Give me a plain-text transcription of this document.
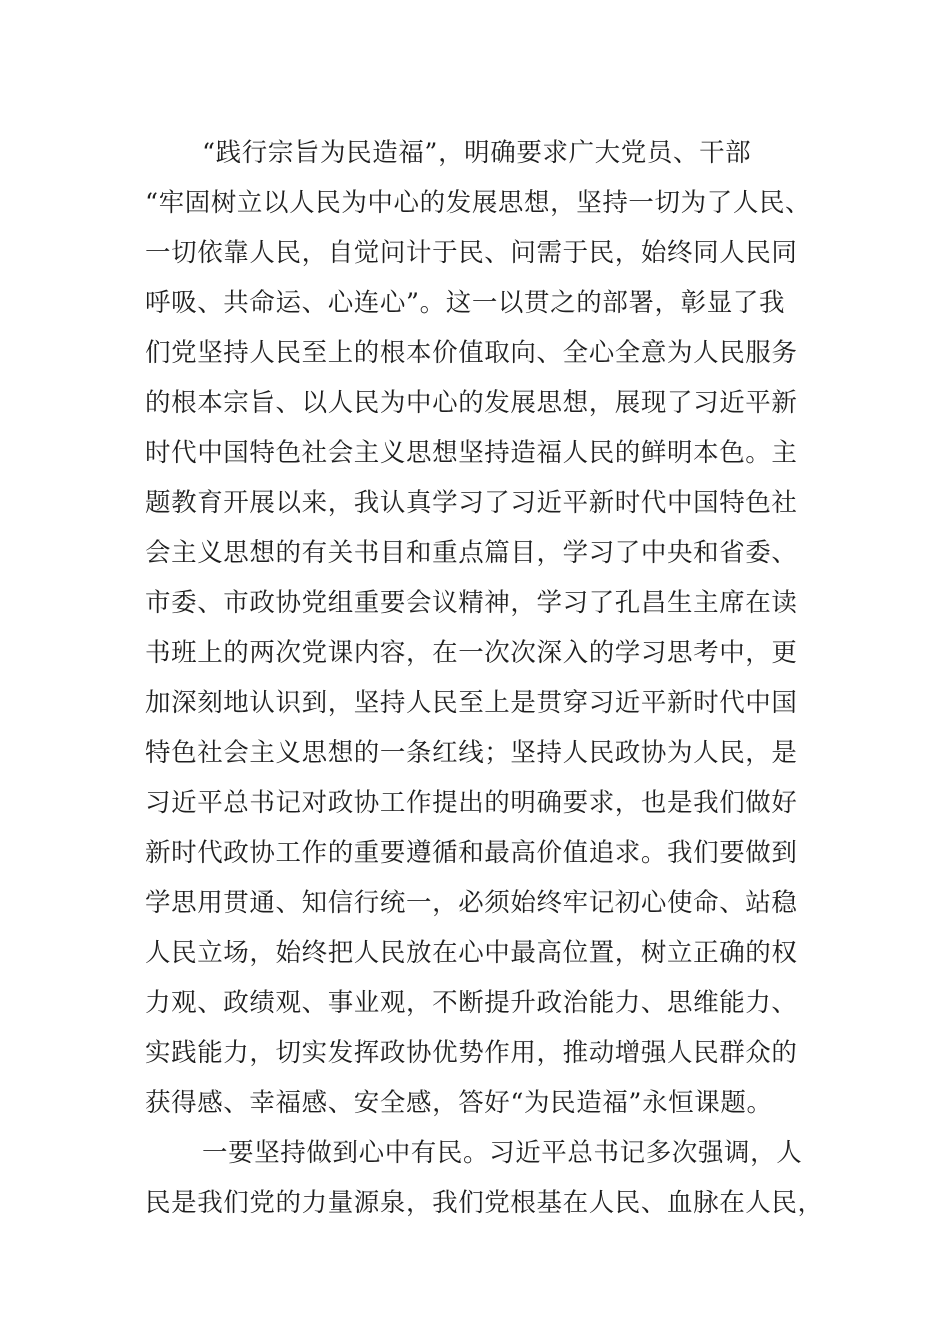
“践行宗旨为民造福”，明确要求广大党员、干部
“牢固树立以人民为中心的发展思想，坚持一切为了人民、
一切依靠人民，自觉问计于民、问需于民，始终同人民同
呼吸、共命运、心连心”。这一以贯之的部署，彰显了我
们党坚持人民至上的根本价值取向、全心全意为人民服务
的根本宗旨、以人民为中心的发展思想，展现了习近平新
时代中国特色社会主义思想坚持造福人民的鲜明本色。主
题教育开展以来，我认真学习了习近平新时代中国特色社
会主义思想的有关书目和重点篇目，学习了中央和省委、
市委、市政协党组重要会议精神，学习了孔昌生主席在读
书班上的两次党课内容，在一次次深入的学习思考中，更
加深刻地认识到，坚持人民至上是贯穿习近平新时代中国
特色社会主义思想的一条红线；坚持人民政协为人民，是
习近平总书记对政协工作提出的明确要求，也是我们做好
新时代政协工作的重要遵循和最高价值追求。我们要做到
学思用贯通、知信行统一，必须始终牢记初心使命、站稳
人民立场，始终把人民放在心中最高位置，树立正确的权
力观、政绩观、事业观，不断提升政治能力、思维能力、
实践能力，切实发挥政协优势作用，推动增强人民群众的
获得感、幸福感、安全感，答好“为民造福”永恒课题。
一要坚持做到心中有民。习近平总书记多次强调，人
民是我们党的力量源泉，我们党根基在人民、血脉在人民，
